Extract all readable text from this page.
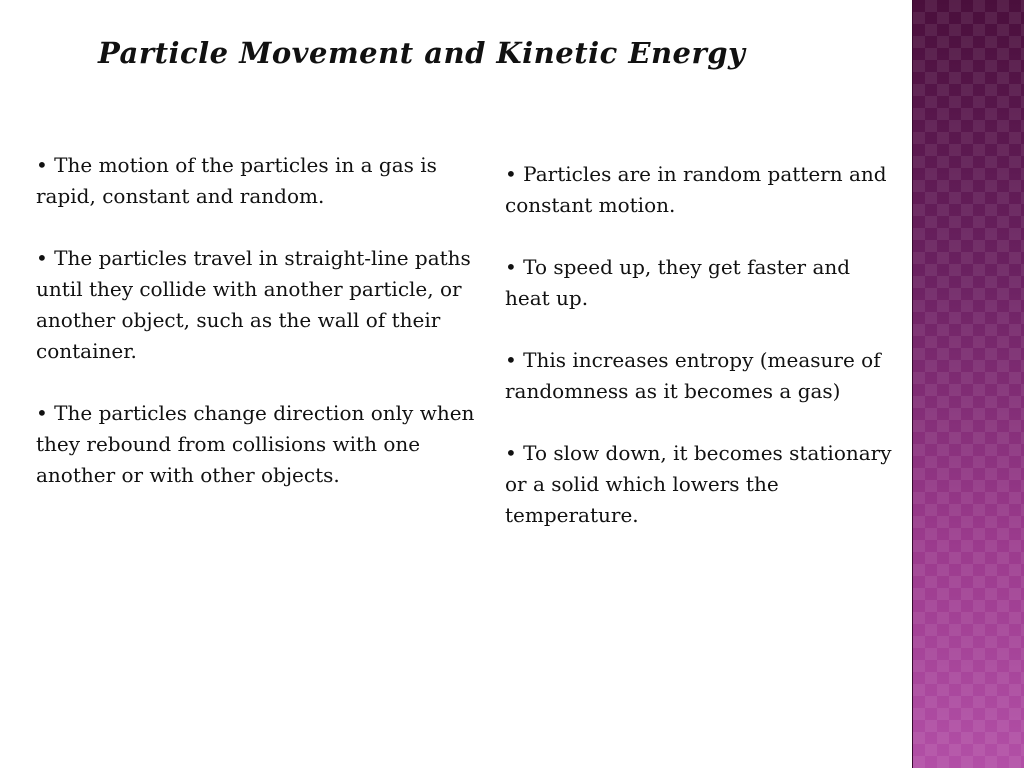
Particle Movement and Kinetic Energy

• The motion of the particles in a gas is rapid, constant and random.

• The particles travel in straight-line paths until they collide with another particle, or another object, such as the wall of their container.

• The particles change direction only when they rebound from collisions with one another or with other objects.

• Particles are in random pattern and constant motion.

• To speed up, they get faster and heat up.

• This increases entropy (measure of randomness as it becomes a gas)

• To slow down, it becomes stationary or a solid which lowers the temperature.
